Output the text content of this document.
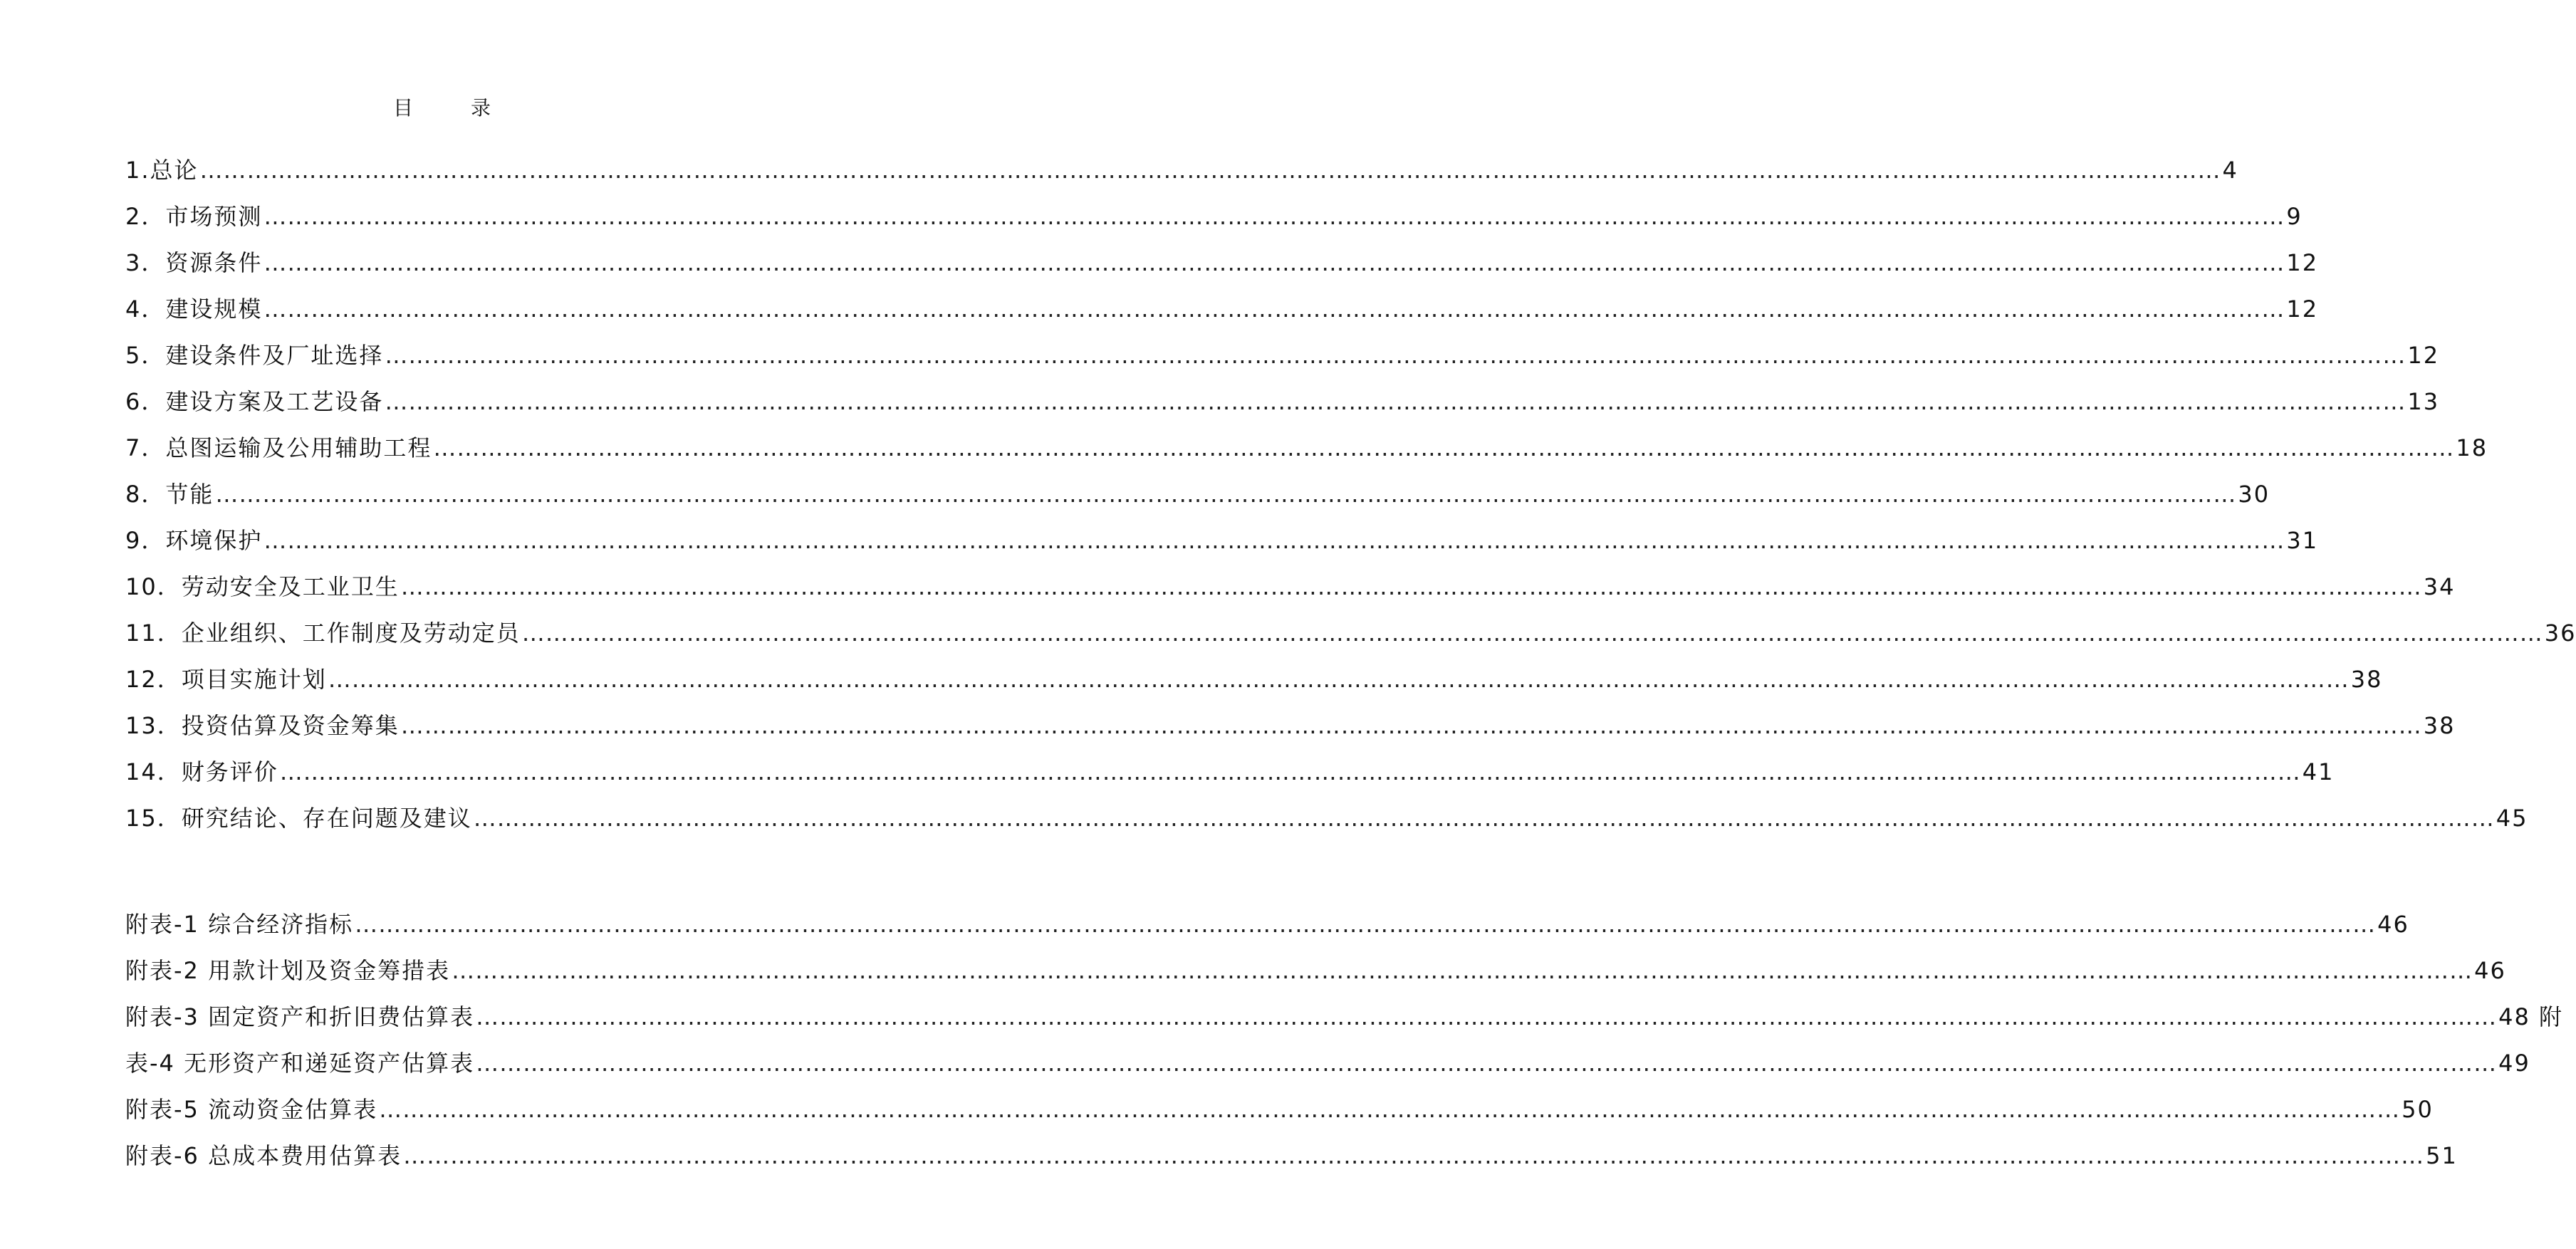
目 录
1.总论 …………………………………………………………………………………………………………………………………………………………………………………………………………………………………… 4
2．市场预测 …………………………………………………………………………………………………………………………………………………………………………………………………………………………………… 9
3．资源条件 …………………………………………………………………………………………………………………………………………………………………………………………………………………………………… 12
4．建设规模 …………………………………………………………………………………………………………………………………………………………………………………………………………………………………… 12
5．建设条件及厂址选择 …………………………………………………………………………………………………………………………………………………………………………………………………………………………………… 12
6．建设方案及工艺设备 …………………………………………………………………………………………………………………………………………………………………………………………………………………………………… 13
7．总图运输及公用辅助工程 …………………………………………………………………………………………………………………………………………………………………………………………………………………………………… 18
8．节能 …………………………………………………………………………………………………………………………………………………………………………………………………………………………………… 30
9．环境保护 …………………………………………………………………………………………………………………………………………………………………………………………………………………………………… 31
10．劳动安全及工业卫生 …………………………………………………………………………………………………………………………………………………………………………………………………………………………………… 34
11．企业组织、工作制度及劳动定员 …………………………………………………………………………………………………………………………………………………………………………………………………………………………………… 36
12．项目实施计划 …………………………………………………………………………………………………………………………………………………………………………………………………………………………………… 38
13．投资估算及资金筹集 …………………………………………………………………………………………………………………………………………………………………………………………………………………………………… 38
14．财务评价 …………………………………………………………………………………………………………………………………………………………………………………………………………………………………… 41
15．研究结论、存在问题及建议 …………………………………………………………………………………………………………………………………………………………………………………………………………………………………… 45
附表-1 综合经济指标 …………………………………………………………………………………………………………………………………………………………………………………………………………………………………… 46
附表-2 用款计划及资金筹措表 …………………………………………………………………………………………………………………………………………………………………………………………………………………………………… 46
附表-3 固定资产和折旧费估算表 …………………………………………………………………………………………………………………………………………………………………………………………………………………………………… 48 附
表-4 无形资产和递延资产估算表 …………………………………………………………………………………………………………………………………………………………………………………………………………………………………… 49
附表-5 流动资金估算表 …………………………………………………………………………………………………………………………………………………………………………………………………………………………………… 50
附表-6 总成本费用估算表 …………………………………………………………………………………………………………………………………………………………………………………………………………………………………… 51
